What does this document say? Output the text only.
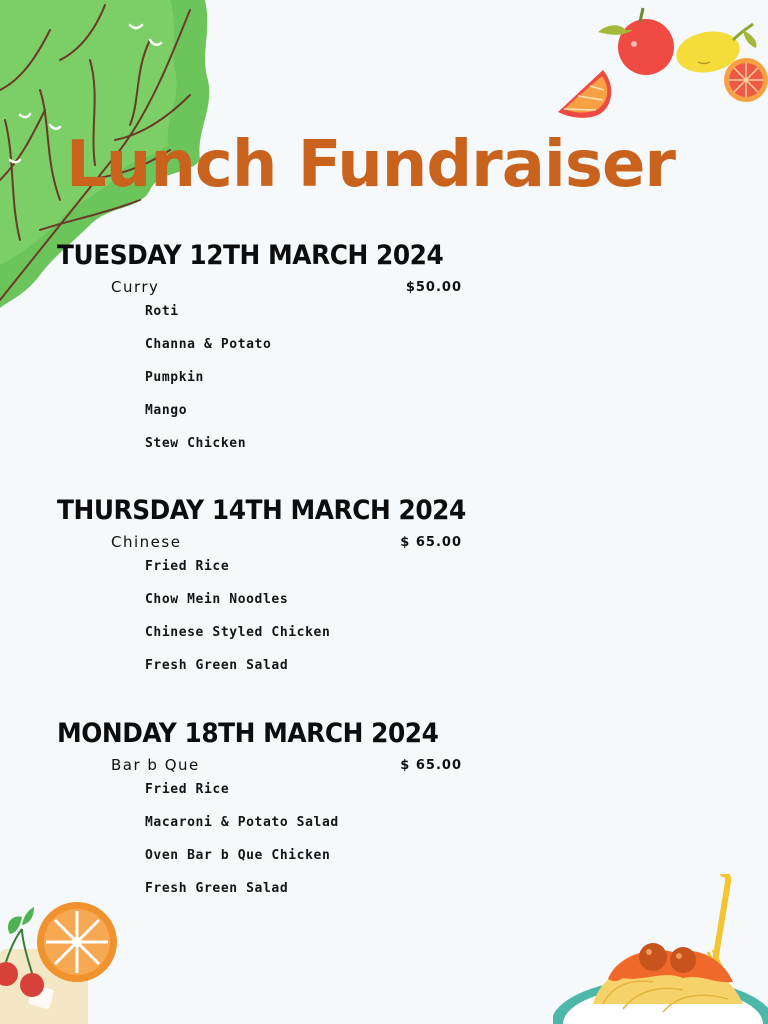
Lunch Fundraiser
TUESDAY 12TH MARCH 2024
Curry	$50.00
Roti
Channa & Potato
Pumpkin
Mango
Stew Chicken
THURSDAY 14TH MARCH 2024
Chinese	$ 65.00
Fried Rice
Chow Mein Noodles
Chinese Styled Chicken
Fresh Green Salad
MONDAY 18TH MARCH 2024
Bar b Que	$ 65.00
Fried Rice
Macaroni & Potato Salad
Oven Bar b Que Chicken
Fresh Green Salad
